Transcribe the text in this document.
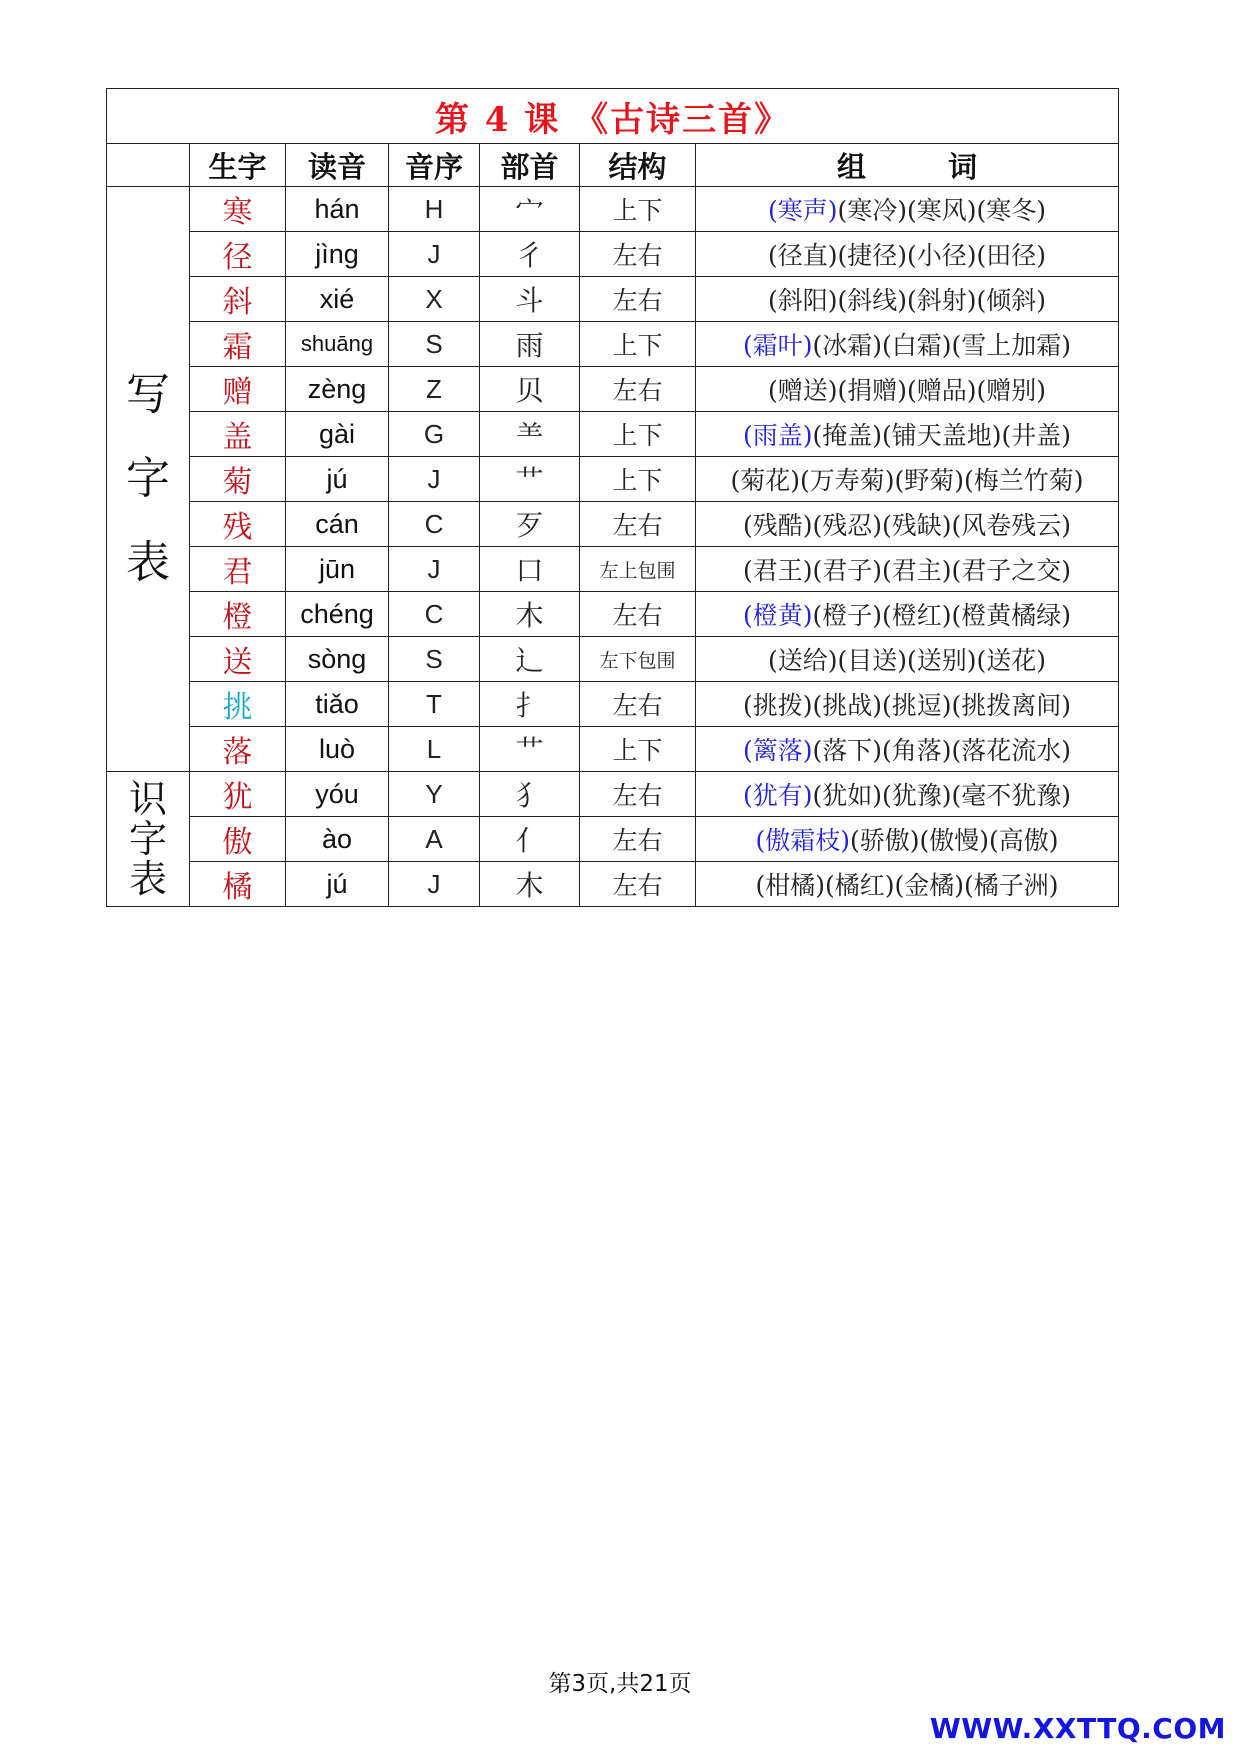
第 4 课 《古诗三首》						
	生字	读音	音序	部首	结构	组 词
写
字
表	寒	hán	H	宀	上下	(寒声)(寒冷)(寒风)(寒冬)
	径	jìng	J	彳	左右	(径直)(捷径)(小径)(田径)
	斜	xié	X	斗	左右	(斜阳)(斜线)(斜射)(倾斜)
	霜	shuāng	S	雨	上下	(霜叶)(冰霜)(白霜)(雪上加霜)
	赠	zèng	Z	贝	左右	(赠送)(捐赠)(赠品)(赠别)
	盖	gài	G	⺷	上下	(雨盖)(掩盖)(铺天盖地)(井盖)
	菊	jú	J	艹	上下	(菊花)(万寿菊)(野菊)(梅兰竹菊)
	残	cán	C	歹	左右	(残酷)(残忍)(残缺)(风卷残云)
	君	jūn	J	口	左上包围	(君王)(君子)(君主)(君子之交)
	橙	chéng	C	木	左右	(橙黄)(橙子)(橙红)(橙黄橘绿)
	送	sòng	S	辶	左下包围	(送给)(目送)(送别)(送花)
	挑	tiǎo	T	扌	左右	(挑拨)(挑战)(挑逗)(挑拨离间)
	落	luò	L	艹	上下	(篱落)(落下)(角落)(落花流水)
识
字
表	犹	yóu	Y	犭	左右	(犹有)(犹如)(犹豫)(毫不犹豫)
	傲	ào	A	亻	左右	(傲霜枝)(骄傲)(傲慢)(高傲)
	橘	jú	J	木	左右	(柑橘)(橘红)(金橘)(橘子洲)
第3页,共21页
WWW.XXTTQ.COM
